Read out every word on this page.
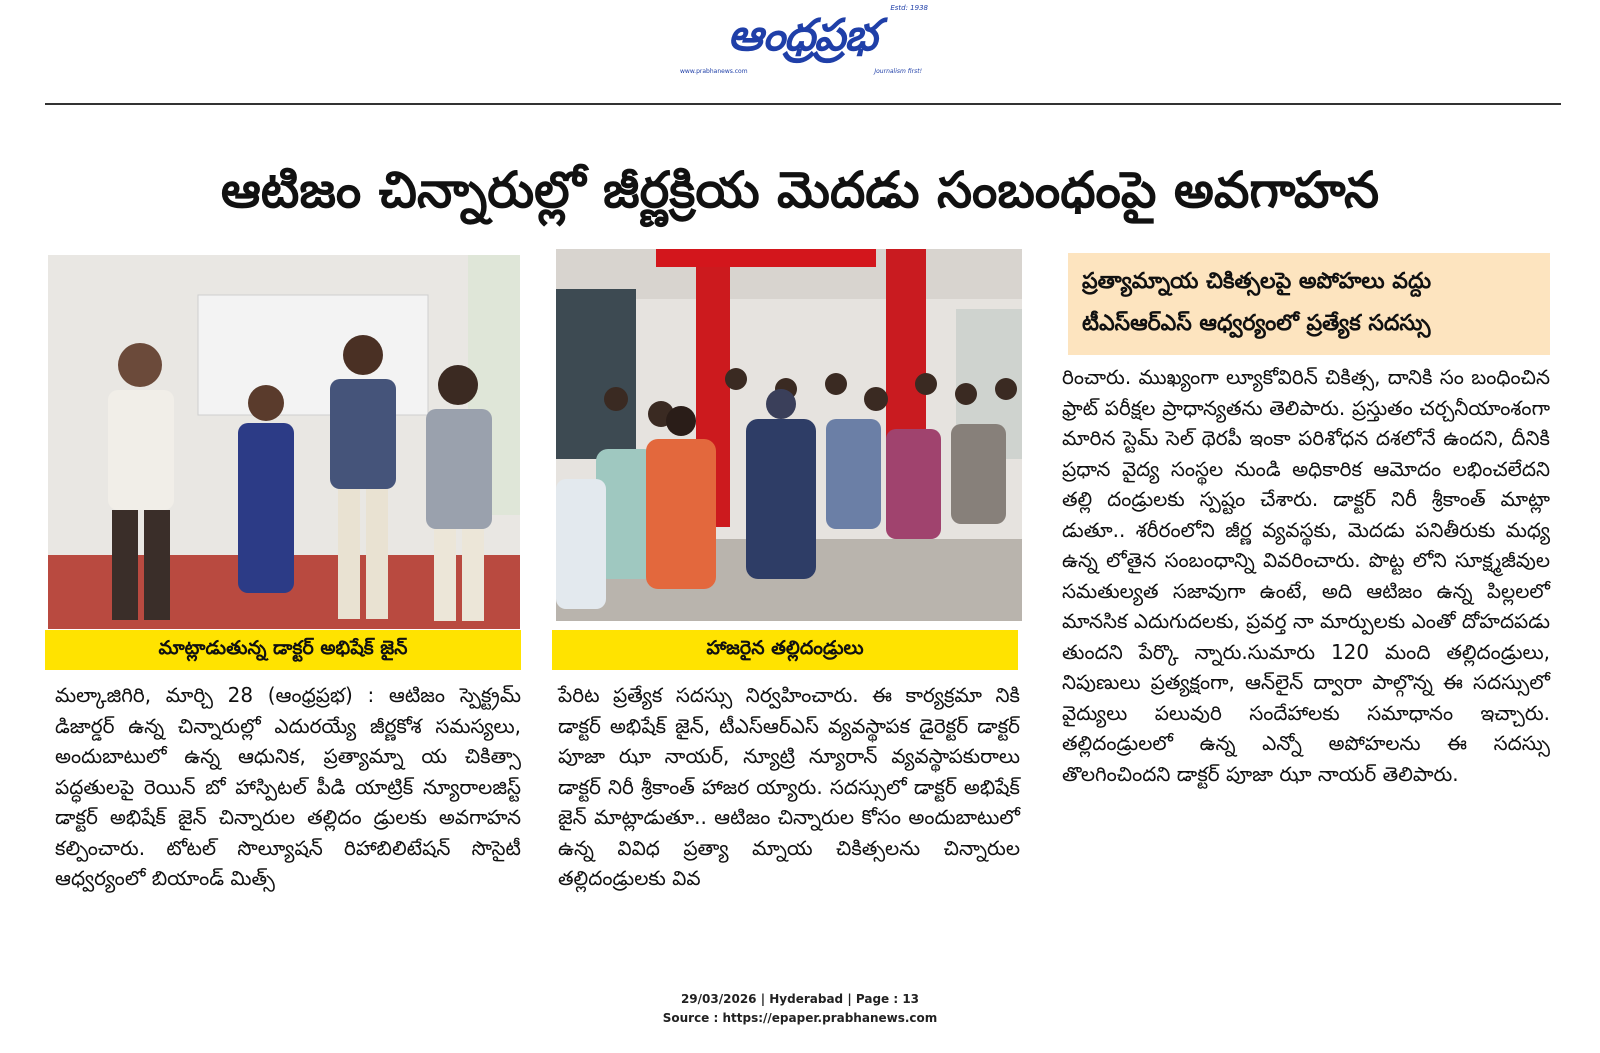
ఆంధ్రప్రభ
Estd: 1938
www.prabhanews.com	Journalism first!
ఆటిజం చిన్నారుల్లో జీర్ణక్రియ మెదడు సంబంధంపై అవగాహన
మాట్లాడుతున్న డాక్టర్ అభిషేక్ జైన్	హాజరైన తల్లిదండ్రులు
ప్రత్యామ్నాయ చికిత్సలపై అపోహలు వద్దు
టీఎస్ఆర్ఎస్ ఆధ్వర్యంలో ప్రత్యేక సదస్సు

మల్కాజిగిరి, మార్చి 28 (ఆంధ్రప్రభ) : ఆటిజం స్పెక్ట్రమ్ డిజార్డర్ ఉన్న చిన్నారుల్లో ఎదురయ్యే జీర్ణకోశ సమస్యలు, అందుబాటులో ఉన్న ఆధునిక, ప్రత్యామ్నా య చికిత్సా పద్ధతులపై రెయిన్ బో హాస్పిటల్ పీడి యాట్రిక్ న్యూరాలజిస్ట్ డాక్టర్ అభిషేక్ జైన్ చిన్నారుల తల్లిదం డ్రులకు అవగాహన కల్పించారు. టోటల్ సొల్యూషన్ రిహాబిలిటేషన్ సొసైటీ ఆధ్వర్యంలో బియాండ్ మిత్స్

పేరిట ప్రత్యేక సదస్సు నిర్వహించారు. ఈ కార్యక్రమా నికి డాక్టర్ అభిషేక్ జైన్, టీఎస్ఆర్ఎస్ వ్యవస్థాపక డైరెక్టర్ డాక్టర్ పూజా ఝా నాయర్, న్యూట్రి న్యూరాన్ వ్యవస్థాపకురాలు డాక్టర్ నిరీ శ్రీకాంత్ హాజర య్యారు. సదస్సులో డాక్టర్ అభిషేక్ జైన్ మాట్లాడుతూ.. ఆటిజం చిన్నారుల కోసం అందుబాటులో ఉన్న వివిధ ప్రత్యా మ్నాయ చికిత్సలను చిన్నారుల తల్లిదండ్రులకు వివ

రించారు. ముఖ్యంగా ల్యూకోవిరిన్ చికిత్స, దానికి సం బంధించిన ఫ్రాట్ పరీక్షల ప్రాధాన్యతను తెలిపారు. ప్రస్తుతం చర్చనీయాంశంగా మారిన స్టెమ్ సెల్ థెరపీ ఇంకా పరిశోధన దశలోనే ఉందని, దీనికి ప్రధాన వైద్య సంస్థల నుండి అధికారిక ఆమోదం లభించలేదని తల్లి దండ్రులకు స్పష్టం చేశారు. డాక్టర్ నిరీ శ్రీకాంత్ మాట్లా డుతూ.. శరీరంలోని జీర్ణ వ్యవస్థకు, మెదడు పనితీరుకు మధ్య ఉన్న లోతైన సంబంధాన్ని వివరించారు. పొట్ట లోని సూక్ష్మజీవుల సమతుల్యత సజావుగా ఉంటే, అది ఆటిజం ఉన్న పిల్లలలో మానసిక ఎదుగుదలకు, ప్రవర్త నా మార్పులకు ఎంతో దోహదపడు తుందని పేర్కొ న్నారు.సుమారు 120 మంది తల్లిదండ్రులు, నిపుణులు ప్రత్యక్షంగా, ఆన్‌లైన్ ద్వారా పాల్గొన్న ఈ సదస్సులో వైద్యులు పలువురి సందేహాలకు సమాధానం ఇచ్చారు. తల్లిదండ్రులలో ఉన్న ఎన్నో అపోహలను ఈ సదస్సు తొలగించిందని డాక్టర్ పూజా ఝా నాయర్ తెలిపారు.

29/03/2026 | Hyderabad | Page : 13
Source : https://epaper.prabhanews.com
